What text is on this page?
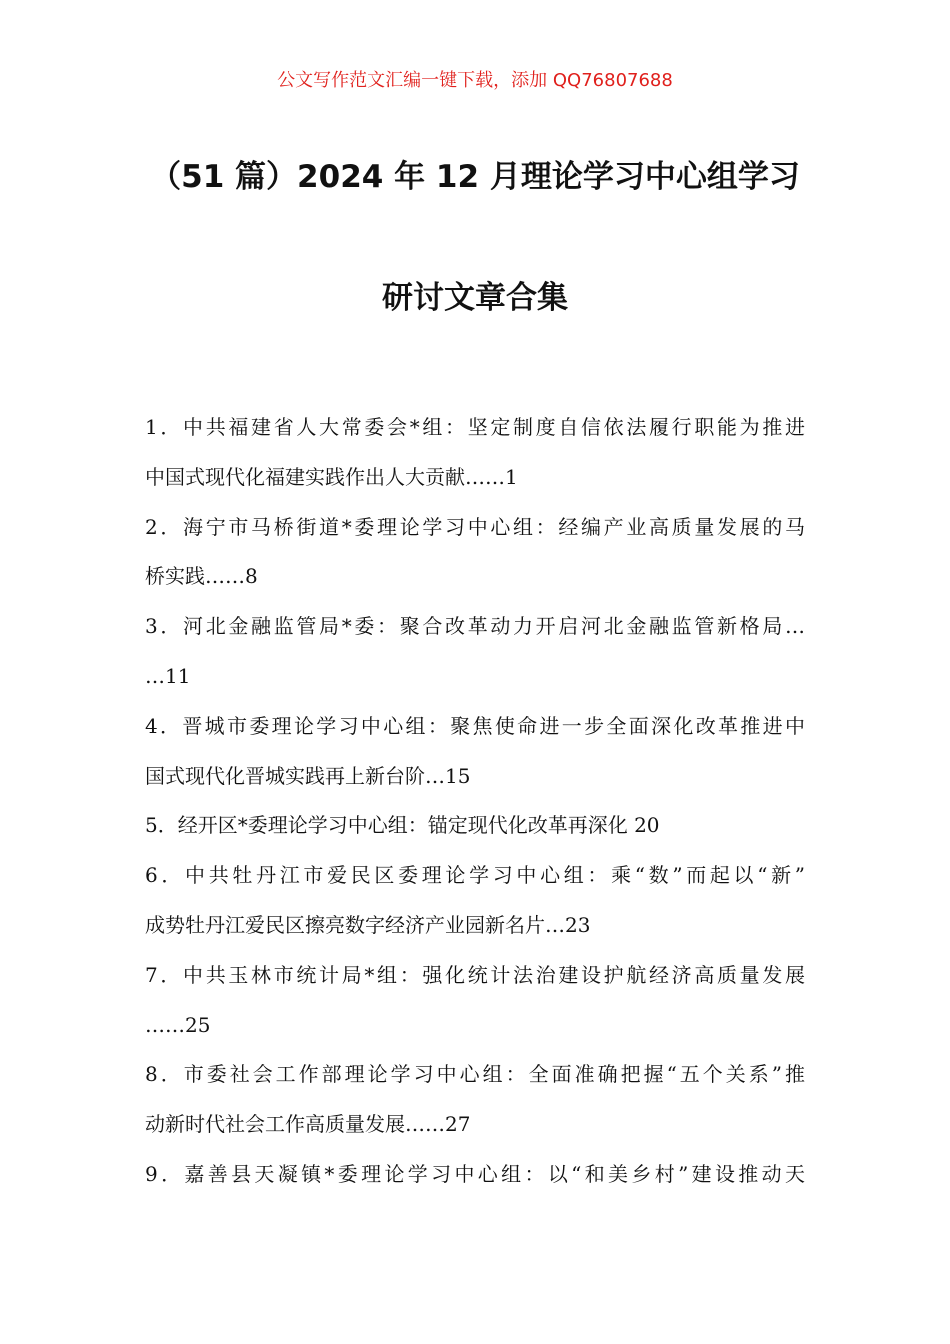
公文写作范文汇编一键下载，添加 QQ76807688
（51 篇）2024 年 12 月理论学习中心组学习
研讨文章合集
1．中共福建省人大常委会*组：坚定制度自信依法履行职能为推进
中国式现代化福建实践作出人大贡献……1
2．海宁市马桥街道*委理论学习中心组：经编产业高质量发展的马
桥实践……8
3．河北金融监管局*委：聚合改革动力开启河北金融监管新格局…
…11
4．晋城市委理论学习中心组：聚焦使命进一步全面深化改革推进中
国式现代化晋城实践再上新台阶…15
5．经开区*委理论学习中心组：锚定现代化改革再深化 20
6．中共牡丹江市爱民区委理论学习中心组：乘“数”而起以“新”
成势牡丹江爱民区擦亮数字经济产业园新名片…23
7．中共玉林市统计局*组：强化统计法治建设护航经济高质量发展
……25
8．市委社会工作部理论学习中心组：全面准确把握“五个关系”推
动新时代社会工作高质量发展……27
9．嘉善县天凝镇*委理论学习中心组：以“和美乡村”建设推动天
